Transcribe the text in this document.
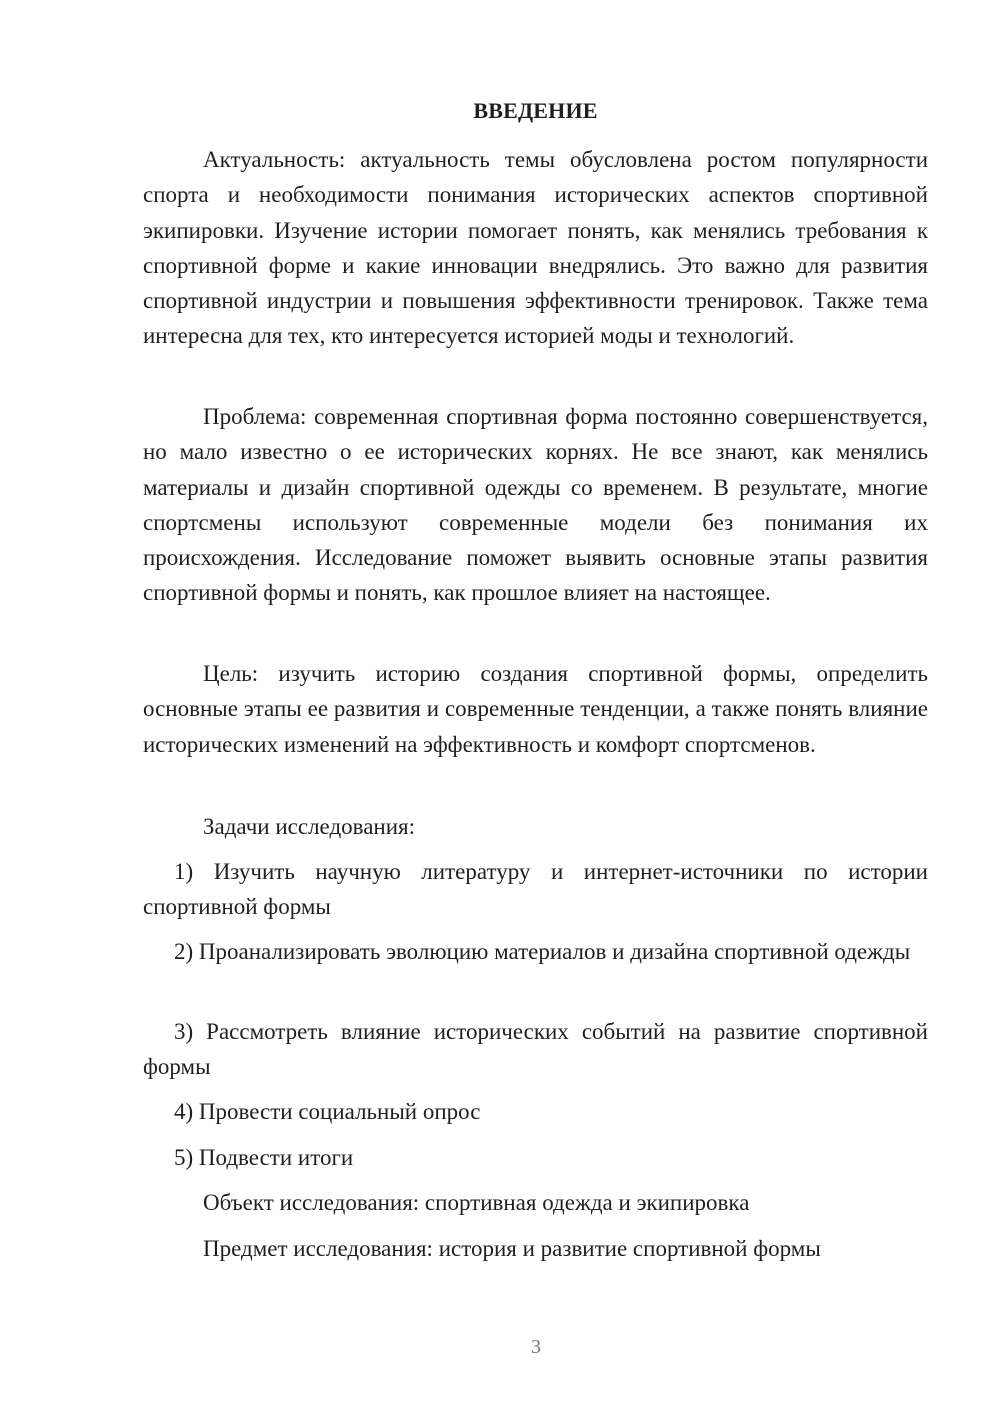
ВВЕДЕНИЕ

Актуальность: актуальность темы обусловлена ростом популярности спорта и необходимости понимания исторических аспектов спортивной экипировки. Изучение истории помогает понять, как менялись требования к спортивной форме и какие инновации внедрялись. Это важно для развития спортивной индустрии и повышения эффективности тренировок. Также тема интересна для тех, кто интересуется историей моды и технологий.

Проблема: современная спортивная форма постоянно совершенствуется, но мало известно о ее исторических корнях. Не все знают, как менялись материалы и дизайн спортивной одежды со временем. В результате, многие спортсмены используют современные модели без понимания их происхождения. Исследование поможет выявить основные этапы развития спортивной формы и понять, как прошлое влияет на настоящее.

Цель: изучить историю создания спортивной формы, определить основные этапы ее развития и современные тенденции, а также понять влияние исторических изменений на эффективность и комфорт спортсменов.

Задачи исследования:

1) Изучить научную литературу и интернет-источники по истории спортивной формы

2) Проанализировать эволюцию материалов и дизайна спортивной одежды

3) Рассмотреть влияние исторических событий на развитие спортивной формы

4) Провести социальный опрос

5) Подвести итоги

Объект исследования: спортивная одежда и экипировка

Предмет исследования: история и развитие спортивной формы

3
